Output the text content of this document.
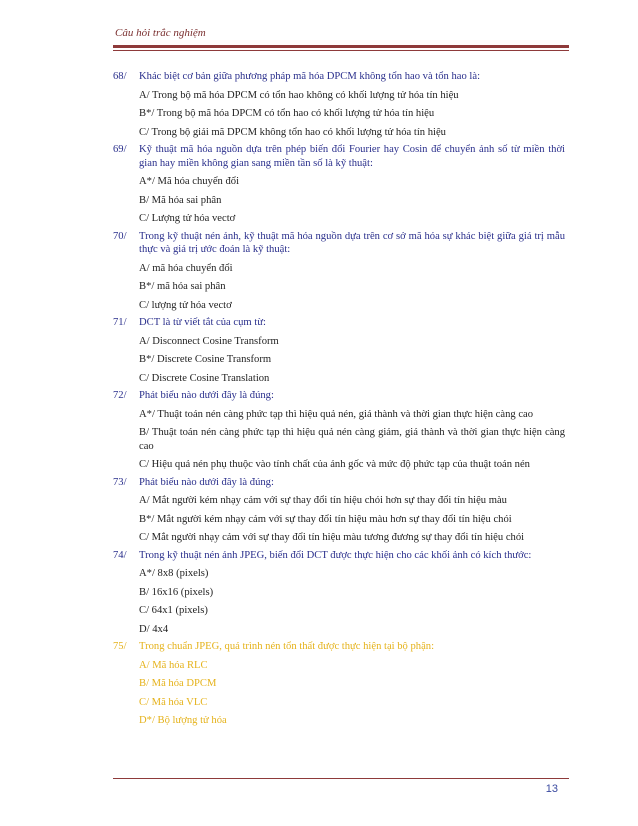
Câu hỏi trắc nghiệm
68/	Khác biệt cơ bản giữa phương pháp mã hóa DPCM không tổn hao và tổn hao là:
A/ Trong bộ mã hóa DPCM có tổn hao không có khối lượng tử hóa tín hiệu
B*/ Trong bộ mã hóa DPCM có tổn hao có khối lượng tử hóa tín hiệu
C/ Trong bộ giải mã DPCM không tổn hao có khối lượng tử hóa tín hiệu
69/	Kỹ thuật mã hóa nguồn dựa trên phép biến đổi Fourier hay Cosin để chuyển ảnh số từ miền thời gian hay miền không gian sang miền tần số là kỹ thuật:
A*/ Mã hóa chuyển đổi
B/ Mã hóa sai phân
C/ Lượng tử hóa vectơ
70/	Trong kỹ thuật nén ảnh, kỹ thuật mã hóa nguồn dựa trên cơ sở mã hóa sự khác biệt giữa giá trị mẫu thực và giá trị ước đoán là kỹ thuật:
A/ mã hóa chuyển đổi
B*/ mã hóa sai phân
C/ lượng tử hóa vectơ
71/	DCT là từ viết tắt của cụm từ:
A/ Disconnect Cosine Transform
B*/ Discrete Cosine Transform
C/ Discrete Cosine Translation
72/	Phát biểu nào dưới đây là đúng:
A*/ Thuật toán nén càng phức tạp thì hiệu quả nén, giá thành và thời gian thực hiện càng cao
B/ Thuật toán nén càng phức tạp thì hiệu quả nén càng giảm, giá thành và thời gian thực hiện càng cao
C/ Hiệu quả nén phụ thuộc vào tính chất của ảnh gốc và mức độ phức tạp của thuật toán nén
73/	Phát biểu nào dưới đây là đúng:
A/ Mắt người kém nhạy cảm với sự thay đổi tín hiệu chói hơn sự thay đổi tín hiệu màu
B*/ Mắt người kém nhạy cảm với sự thay đổi tín hiệu màu hơn sự thay đổi tín hiệu chói
C/ Mắt người nhạy cảm với sự thay đổi tín hiệu màu tương đương sự thay đổi tín hiệu chói
74/	Trong kỹ thuật nén ảnh JPEG, biến đổi DCT được thực hiện cho các khối ảnh có kích thước:
A*/ 8x8 (pixels)
B/ 16x16 (pixels)
C/ 64x1 (pixels)
D/ 4x4
75/	Trong chuẩn JPEG, quá trình nén tổn thất được thực hiện tại bộ phận:
A/ Mã hóa RLC
B/ Mã hóa DPCM
C/ Mã hóa VLC
D*/ Bộ lượng tử hóa
13
